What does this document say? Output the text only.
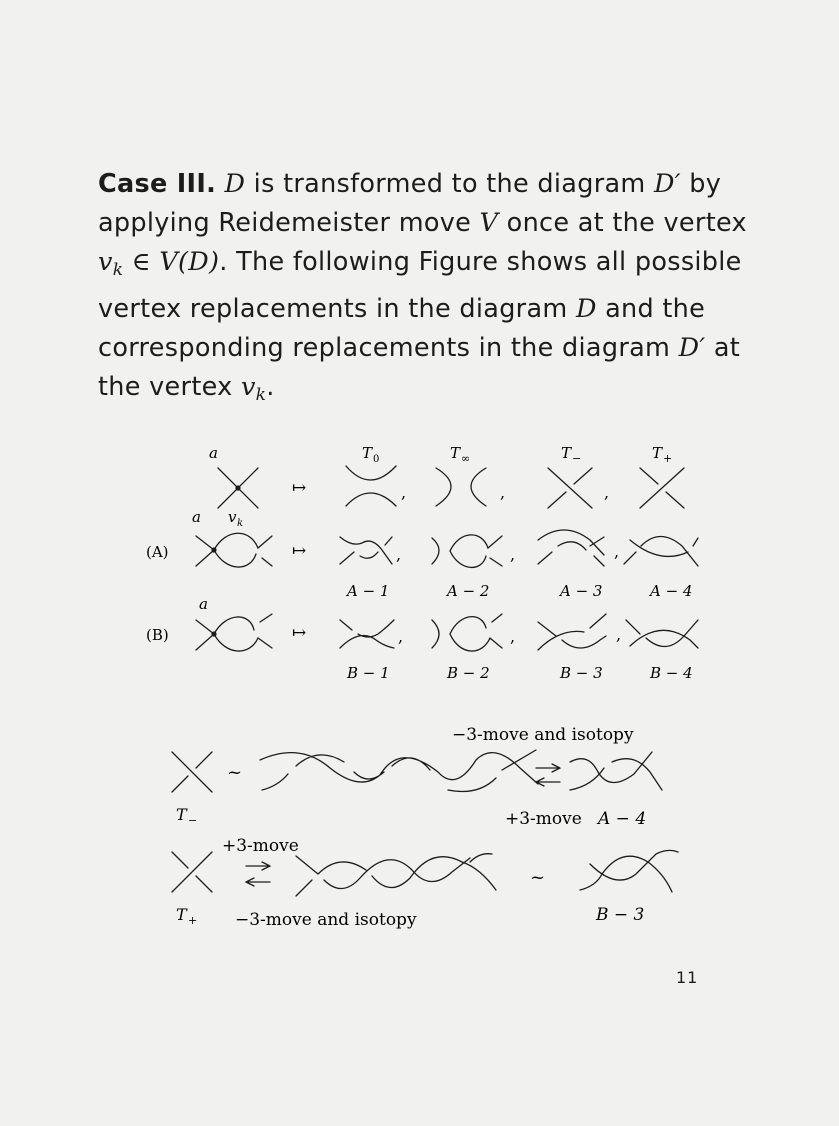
Case III. D is transformed to the diagram D′ by applying Reidemeister move V once at the vertex vk ∈ V(D). The following Figure shows all possible vertex replacements in the diagram D and the corresponding replacements in the diagram D′ at the vertex vk.

a
↦
T 0
,
T ∞
,
T −
,
T +
a v k
(A)	↦	,	,	,
A − 1	A − 2	A − 3	A − 4
a
(B)	↦	,	,	,
B − 1	B − 2	B − 3	B − 4
−3-move and isotopy
~
T −	+3-move A − 4
+3-move
~
T + −3-move and isotopy	B − 3
11
